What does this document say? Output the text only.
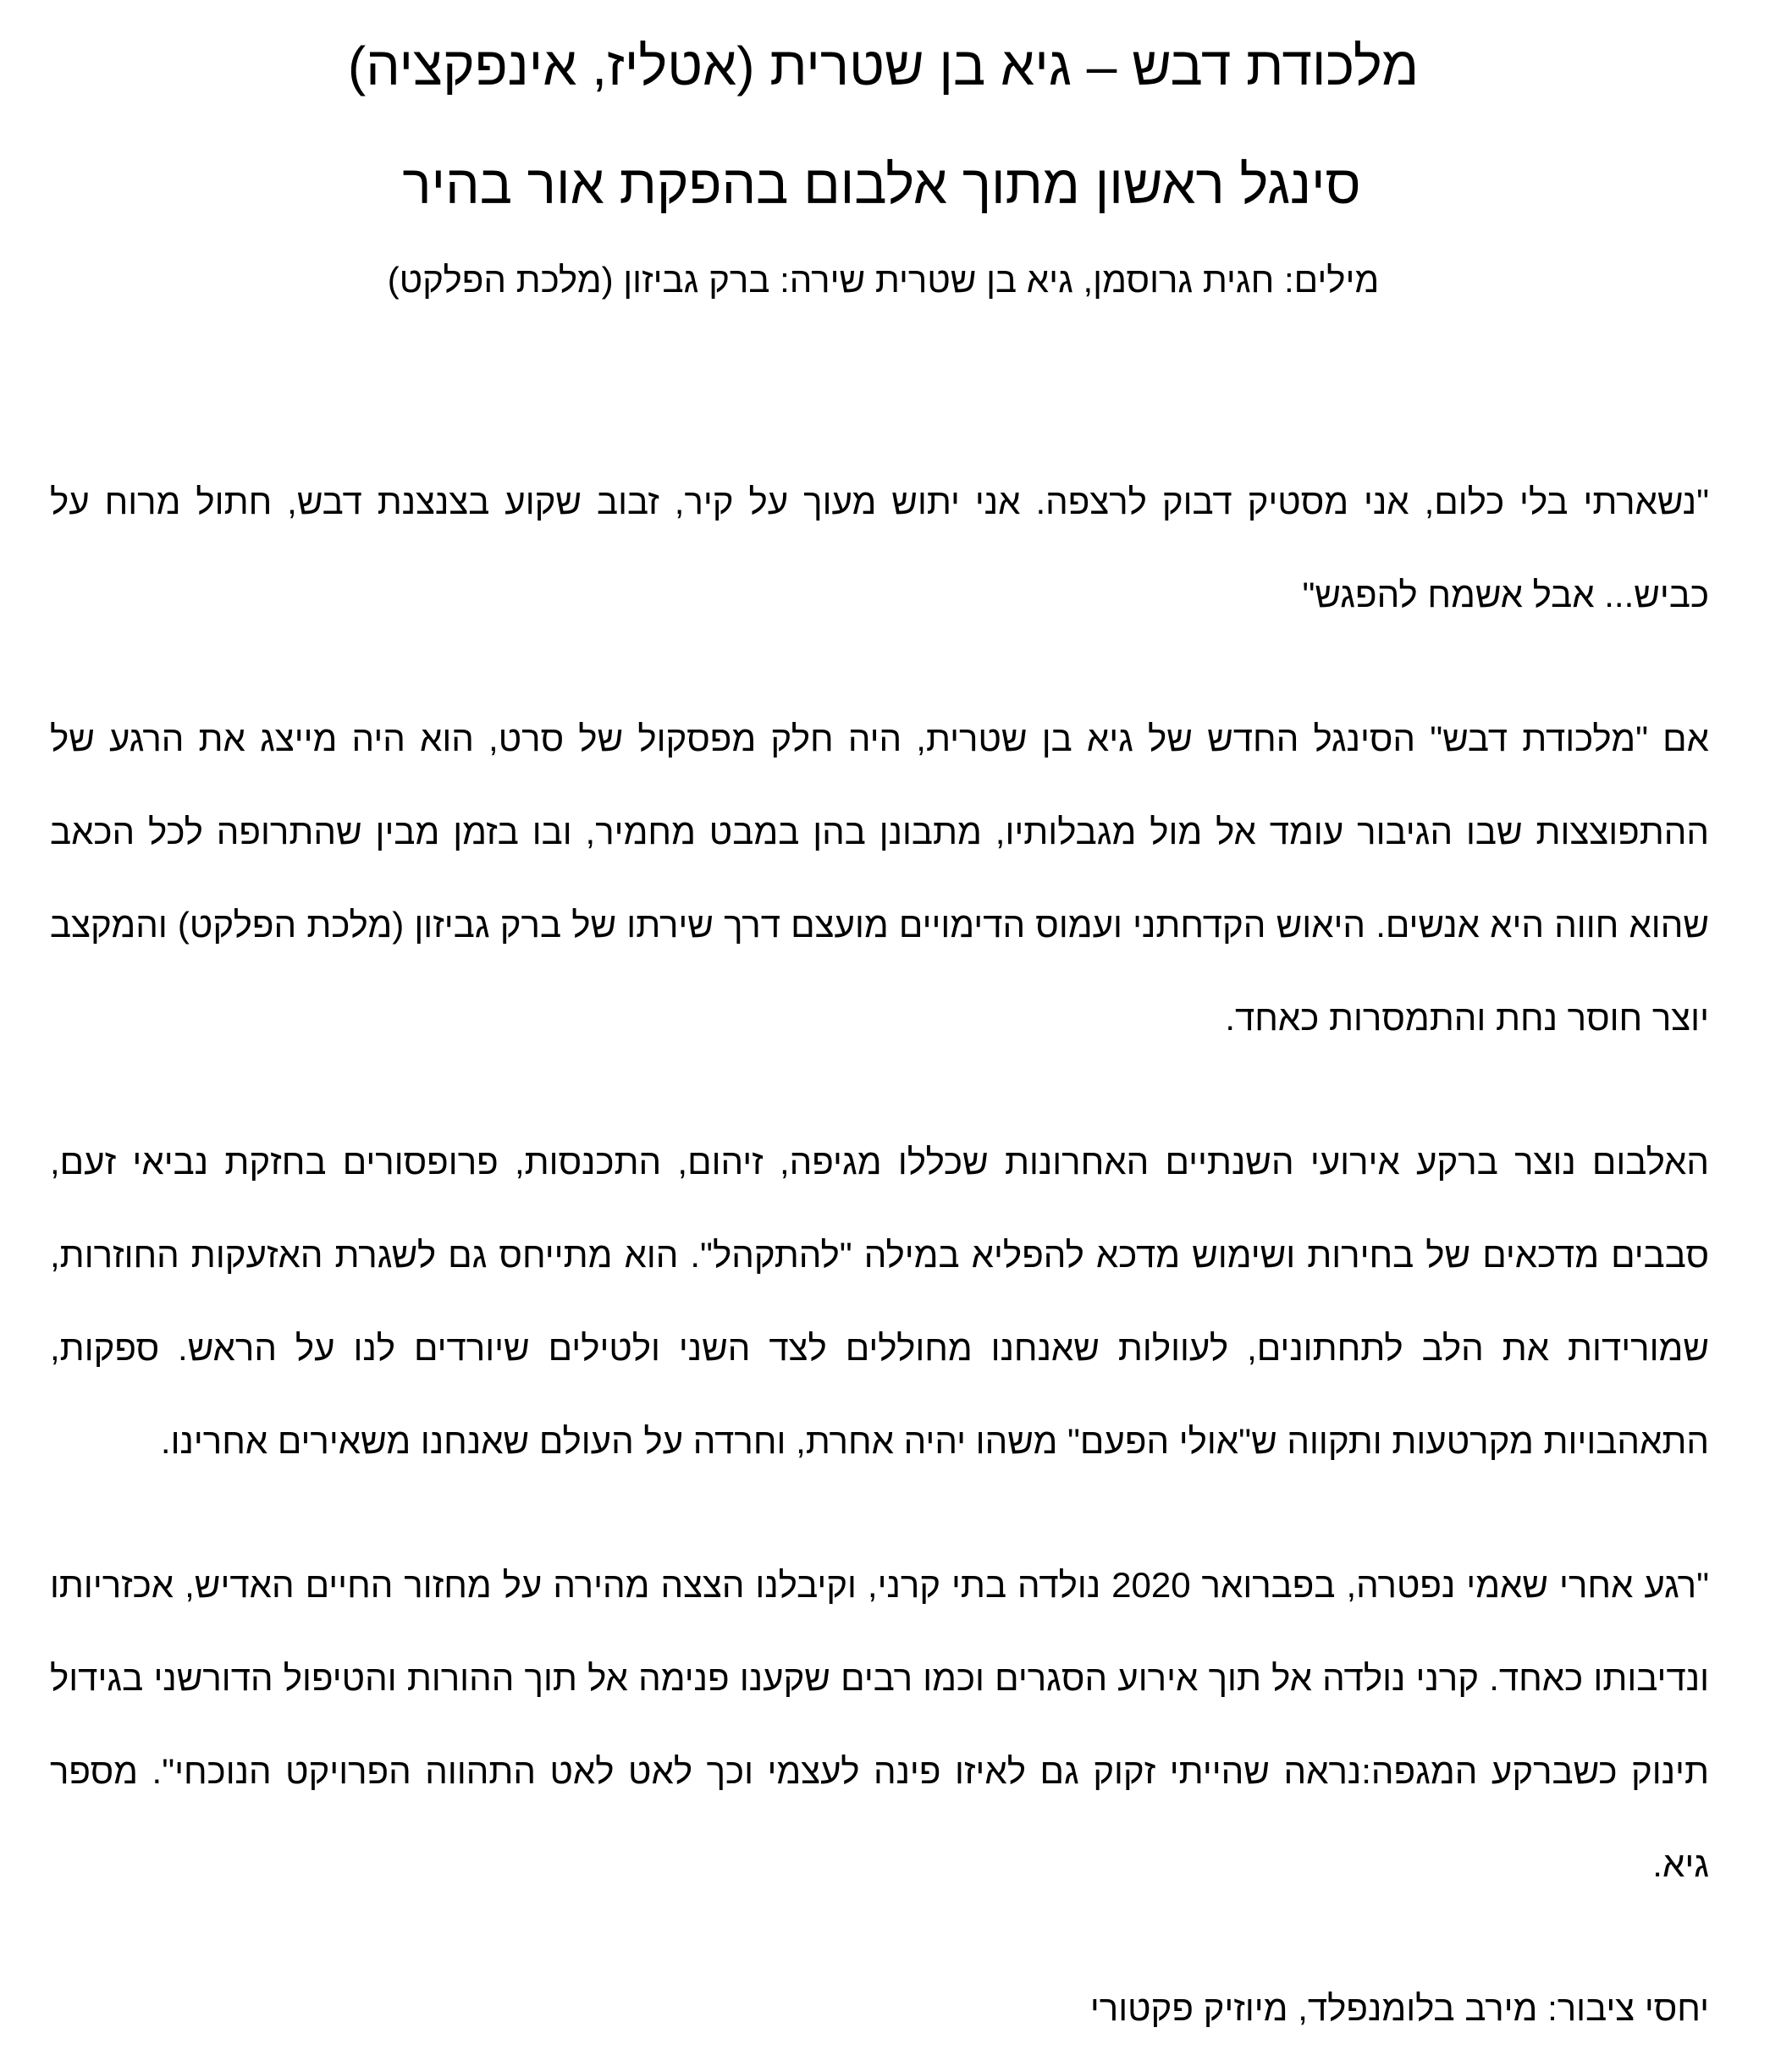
מלכודת דבש – גיא בן שטרית (אטליז, אינפקציה)
סינגל ראשון מתוך אלבום בהפקת אור בהיר
מילים: חגית גרוסמן, גיא בן שטרית שירה: ברק גביזון (מלכת הפלקט)

"נשארתי בלי כלום, אני מסטיק דבוק לרצפה. אני יתוש מעוך על קיר, זבוב שקוע בצנצנת דבש, חתול מרוח על כביש... אבל אשמח להפגש"

אם "מלכודת דבש" הסינגל החדש של גיא בן שטרית, היה חלק מפסקול של סרט, הוא היה מייצג את הרגע של ההתפוצצות שבו הגיבור עומד אל מול מגבלותיו, מתבונן בהן במבט מחמיר, ובו בזמן מבין שהתרופה לכל הכאב שהוא חווה היא אנשים. היאוש הקדחתני ועמוס הדימויים מועצם דרך שירתו של ברק גביזון (מלכת הפלקט) והמקצב יוצר חוסר נחת והתמסרות כאחד.

האלבום נוצר ברקע אירועי השנתיים האחרונות שכללו מגיפה, זיהום, התכנסות, פרופסורים בחזקת נביאי זעם, סבבים מדכאים של בחירות ושימוש מדכא להפליא במילה "להתקהל". הוא מתייחס גם לשגרת האזעקות החוזרות, שמורידות את הלב לתחתונים, לעוולות שאנחנו מחוללים לצד השני ולטילים שיורדים לנו על הראש. ספקות, התאהבויות מקרטעות ותקווה ש"אולי הפעם" משהו יהיה אחרת, וחרדה על העולם שאנחנו משאירים אחרינו.

"רגע אחרי שאמי נפטרה, בפברואר 2020 נולדה בתי קרני, וקיבלנו הצצה מהירה על מחזור החיים האדיש, אכזריותו ונדיבותו כאחד. קרני נולדה אל תוך אירוע הסגרים וכמו רבים שקענו פנימה אל תוך ההורות והטיפול הדורשני בגידול תינוק כשברקע המגפה:נראה שהייתי זקוק גם לאיזו פינה לעצמי וכך לאט לאט התהווה הפרויקט הנוכחי". מספר גיא.

יחסי ציבור: מירב בלומנפלד, מיוזיק פקטורי
